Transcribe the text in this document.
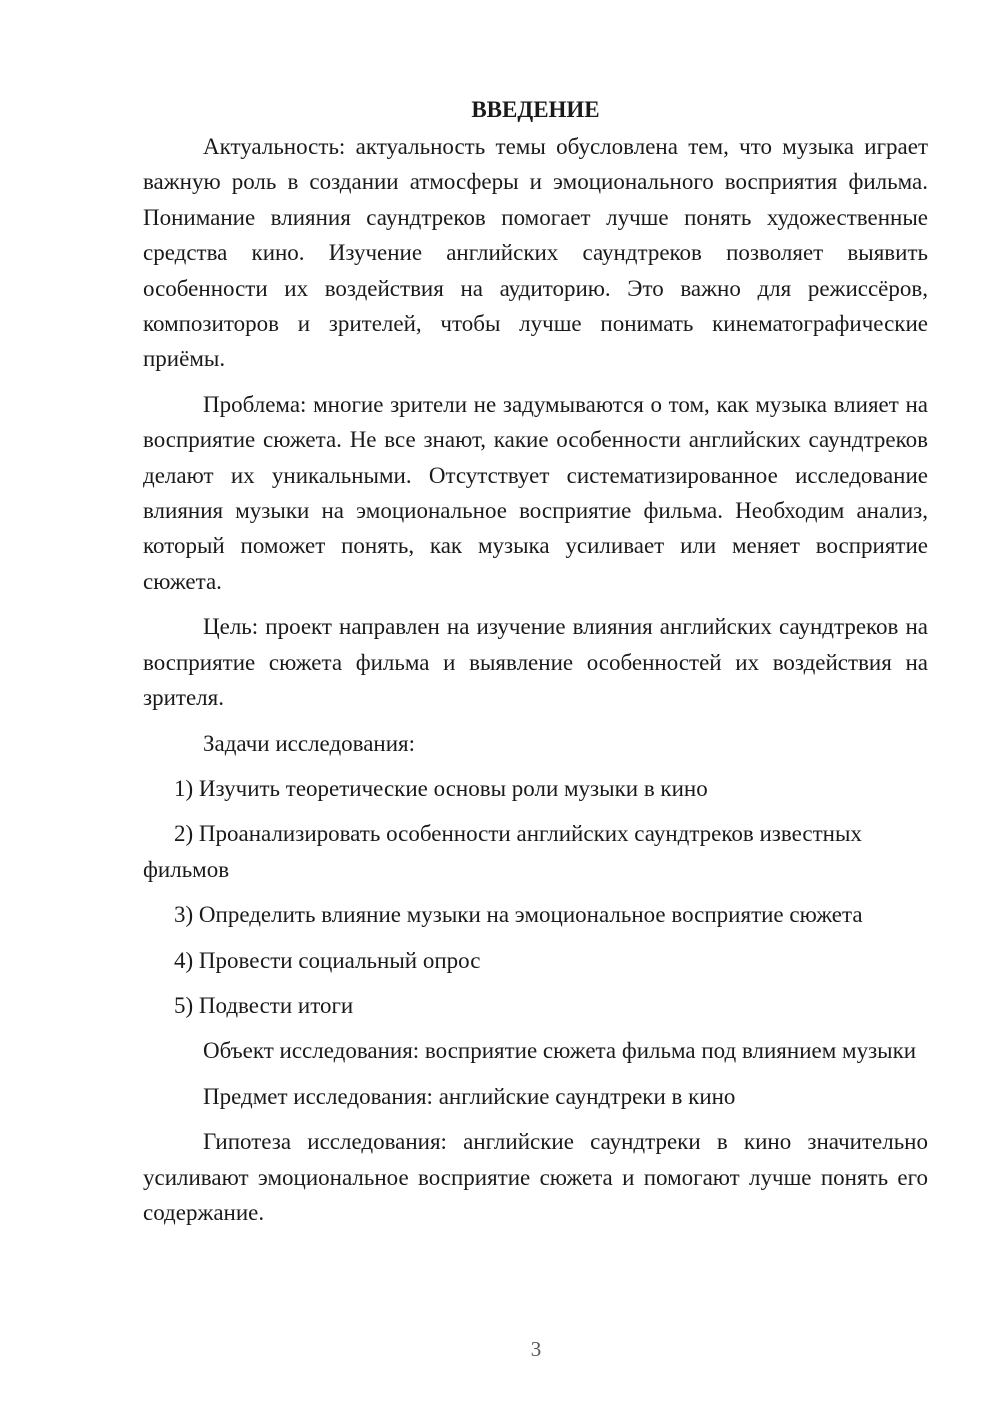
ВВЕДЕНИЕ

Актуальность: актуальность темы обусловлена тем, что музыка играет важную роль в создании атмосферы и эмоционального восприятия фильма. Понимание влияния саундтреков помогает лучше понять художественные средства кино. Изучение английских саундтреков позволяет выявить особенности их воздействия на аудиторию. Это важно для режиссёров, композиторов и зрителей, чтобы лучше понимать кинематографические приёмы.

Проблема: многие зрители не задумываются о том, как музыка влияет на восприятие сюжета. Не все знают, какие особенности английских саундтреков делают их уникальными. Отсутствует систематизированное исследование влияния музыки на эмоциональное восприятие фильма. Необходим анализ, который поможет понять, как музыка усиливает или меняет восприятие сюжета.

Цель: проект направлен на изучение влияния английских саундтреков на восприятие сюжета фильма и выявление особенностей их воздействия на зрителя.

Задачи исследования:

1) Изучить теоретические основы роли музыки в кино

2) Проанализировать особенности английских саундтреков известных фильмов

3) Определить влияние музыки на эмоциональное восприятие сюжета

4) Провести социальный опрос

5) Подвести итоги

Объект исследования: восприятие сюжета фильма под влиянием музыки

Предмет исследования: английские саундтреки в кино

Гипотеза исследования: английские саундтреки в кино значительно усиливают эмоциональное восприятие сюжета и помогают лучше понять его содержание.

3
